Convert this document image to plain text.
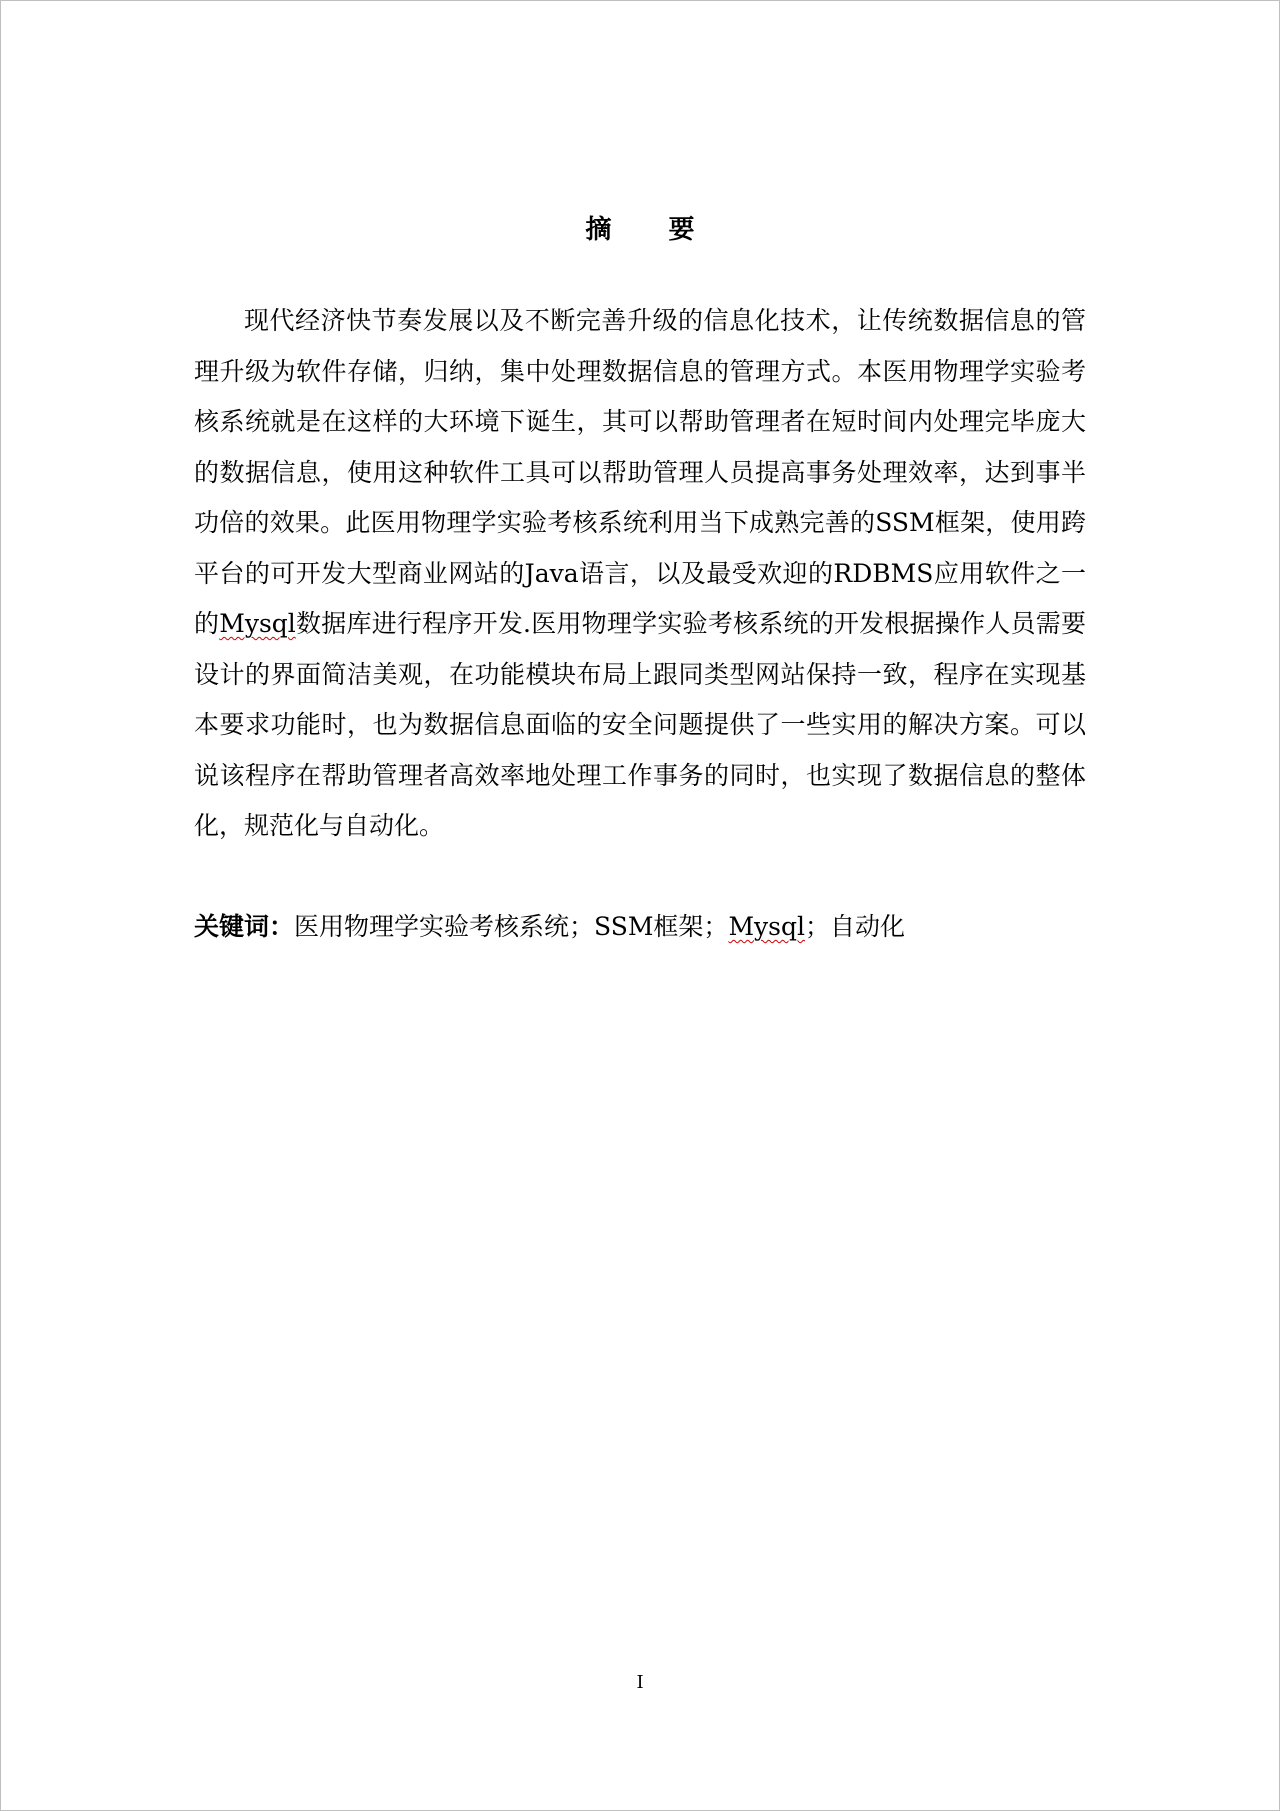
摘 要

现代经济快节奏发展以及不断完善升级的信息化技术，让传统数据信息的管理升级为软件存储，归纳，集中处理数据信息的管理方式。本医用物理学实验考核系统就是在这样的大环境下诞生，其可以帮助管理者在短时间内处理完毕庞大的数据信息，使用这种软件工具可以帮助管理人员提高事务处理效率，达到事半功倍的效果。此医用物理学实验考核系统利用当下成熟完善的SSM框架，使用跨平台的可开发大型商业网站的Java语言，以及最受欢迎的RDBMS应用软件之一的Mysql数据库进行程序开发.医用物理学实验考核系统的开发根据操作人员需要设计的界面简洁美观，在功能模块布局上跟同类型网站保持一致，程序在实现基本要求功能时，也为数据信息面临的安全问题提供了一些实用的解决方案。可以说该程序在帮助管理者高效率地处理工作事务的同时，也实现了数据信息的整体化，规范化与自动化。

关键词：医用物理学实验考核系统；SSM框架；Mysql；自动化

I
